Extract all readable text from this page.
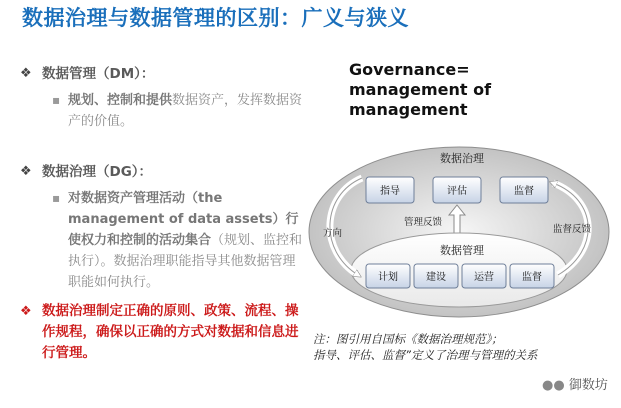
数据治理与数据管理的区别：广义与狭义
❖ 数据管理（DM）：
▪ 规划、控制和提供数据资产，发挥数据资产的价值。
❖ 数据治理（DG）：
▪ 对数据资产管理活动（the management of data assets）行使权力和控制的活动集合（规划、监控和执行）。数据治理职能指导其他数据管理职能如何执行。
❖ 数据治理制定正确的原则、政策、流程、操作规程，确保以正确的方式对数据和信息进行管理。
Governance= management of management
数据治理
指导	评估	监督
管理反馈
数据管理
计划	建设	运营	监督
方向	监督反馈
注：图引用自国标《数据治理规范》；
指导、评估、监督”定义了治理与管理的关系
●● 御数坊
